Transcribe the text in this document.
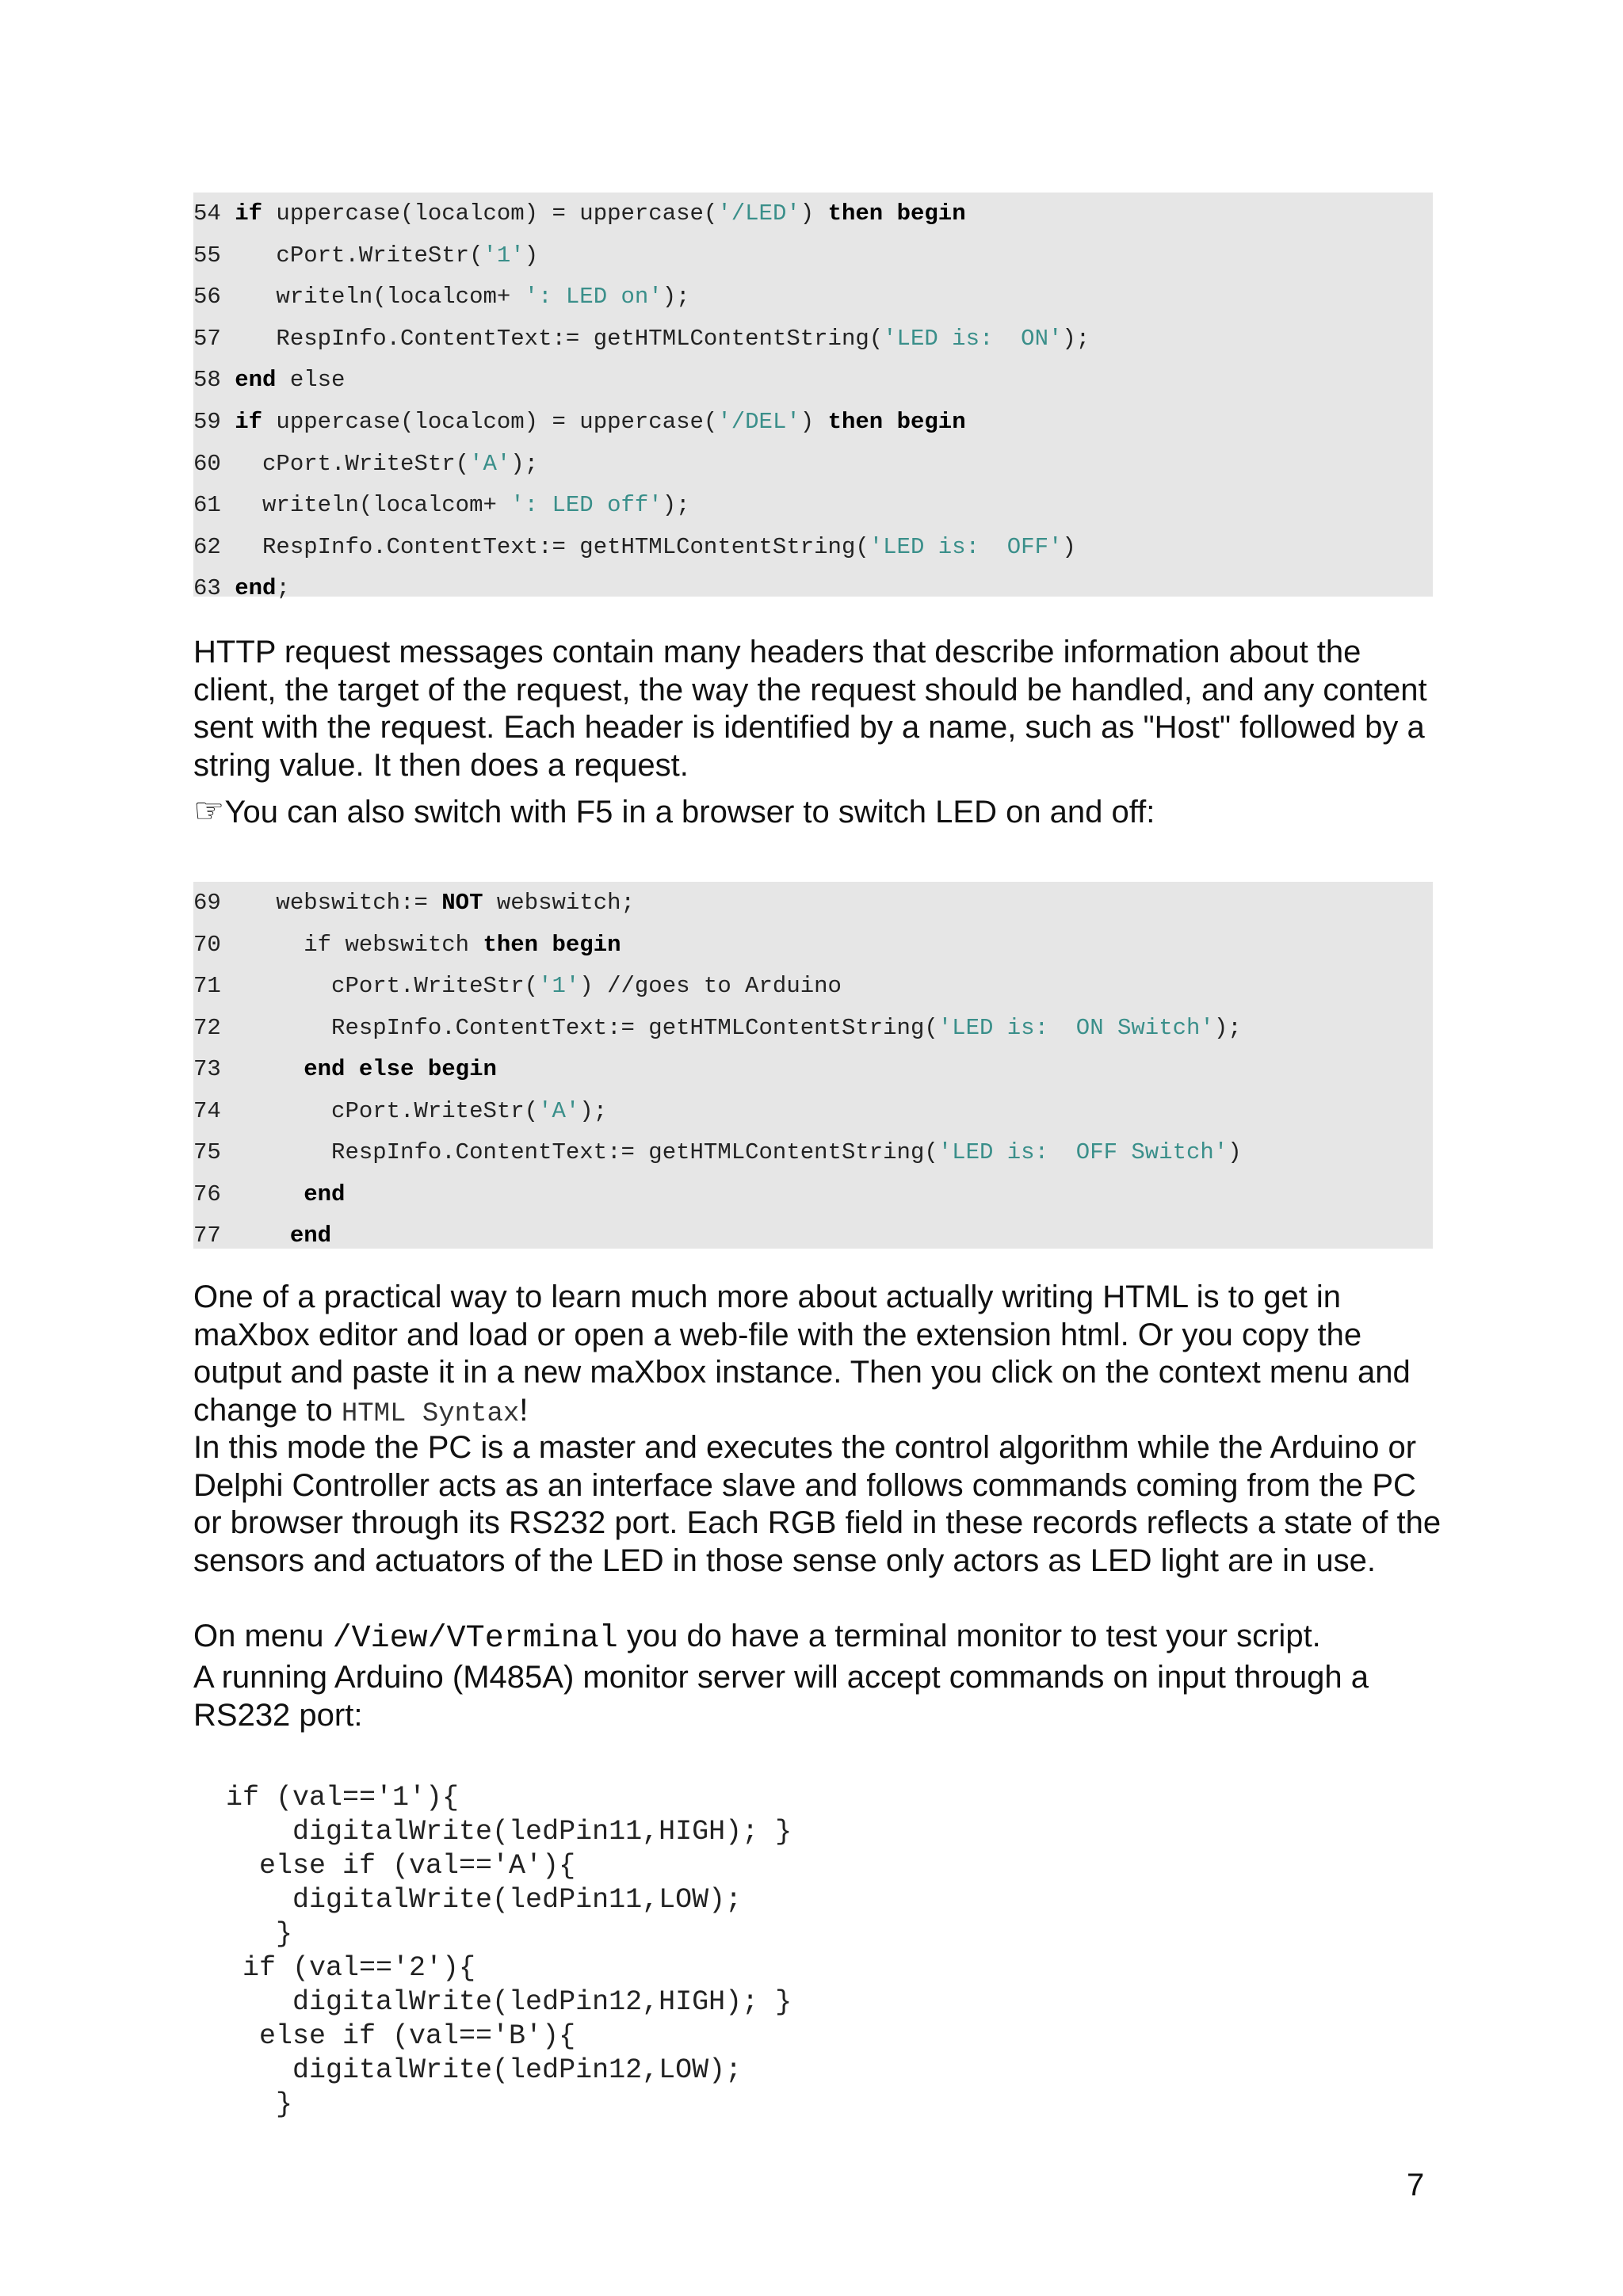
54 if uppercase(localcom) = uppercase('/LED') then begin
55    cPort.WriteStr('1')
56    writeln(localcom+ ': LED on');
57    RespInfo.ContentText:= getHTMLContentString('LED is:  ON');
58 end else
59 if uppercase(localcom) = uppercase('/DEL') then begin
60   cPort.WriteStr('A');
61   writeln(localcom+ ': LED off');
62   RespInfo.ContentText:= getHTMLContentString('LED is:  OFF')
63 end;
HTTP request messages contain many headers that describe information about the client, the target of the request, the way the request should be handled, and any content sent with the request. Each header is identified by a name, such as "Host" followed by a string value. It then does a request.
☞You can also switch with F5 in a browser to switch LED on and off:
69    webswitch:= NOT webswitch;
70      if webswitch then begin
71        cPort.WriteStr('1') //goes to Arduino
72        RespInfo.ContentText:= getHTMLContentString('LED is:  ON Switch');
73	end else begin
74        cPort.WriteStr('A');
75        RespInfo.ContentText:= getHTMLContentString('LED is:  OFF Switch')
76	end
77	end
One of a practical way to learn much more about actually writing HTML is to get in maXbox editor and load or open a web-file with the extension html. Or you copy the output and paste it in a new maXbox instance. Then you click on the context menu and change to HTML Syntax!
In this mode the PC is a master and executes the control algorithm while the Arduino or Delphi Controller acts as an interface slave and follows commands coming from the PC or browser through its RS232 port. Each RGB field in these records reflects a state of the sensors and actuators of the LED in those sense only actors as LED light are in use.
On menu /View/VTerminal you do have a terminal monitor to test your script.
A running Arduino (M485A) monitor server will accept commands on input through a RS232 port:
if (val=='1'){
digitalWrite(ledPin11,HIGH); }
else if (val=='A'){
digitalWrite(ledPin11,LOW);
}
if (val=='2'){
digitalWrite(ledPin12,HIGH); }
else if (val=='B'){
digitalWrite(ledPin12,LOW);
}
7
